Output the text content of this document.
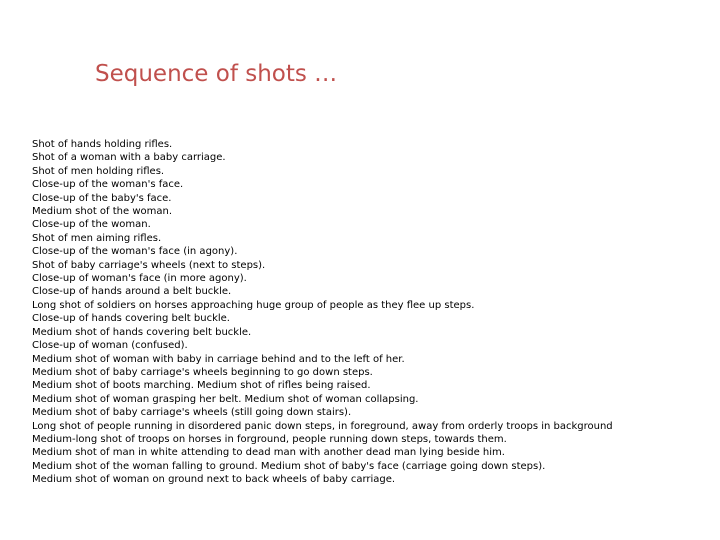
Sequence of shots …
Shot of hands holding rifles.
Shot of a woman with a baby carriage.
Shot of men holding rifles.
Close-up of the woman's face.
Close-up of the baby's face.
Medium shot of the woman.
Close-up of the woman.
Shot of men aiming rifles.
Close-up of the woman's face (in agony).
Shot of baby carriage's wheels (next to steps).
Close-up of woman's face (in more agony).
Close-up of hands around a belt buckle.
Long shot of soldiers on horses approaching huge group of people as they flee up steps.
Close-up of hands covering belt buckle.
Medium shot of hands covering belt buckle.
Close-up of woman (confused).
Medium shot of woman with baby in carriage behind and to the left of her.
Medium shot of baby carriage's wheels beginning to go down steps.
Medium shot of boots marching. Medium shot of rifles being raised.
Medium shot of woman grasping her belt. Medium shot of woman collapsing.
Medium shot of baby carriage's wheels (still going down stairs).
Long shot of people running in disordered panic down steps, in foreground, away from orderly troops in background
Medium-long shot of troops on horses in forground, people running down steps, towards them.
Medium shot of man in white attending to dead man with another dead man lying beside him.
Medium shot of the woman falling to ground. Medium shot of baby's face (carriage going down steps).
Medium shot of woman on ground next to back wheels of baby carriage.
